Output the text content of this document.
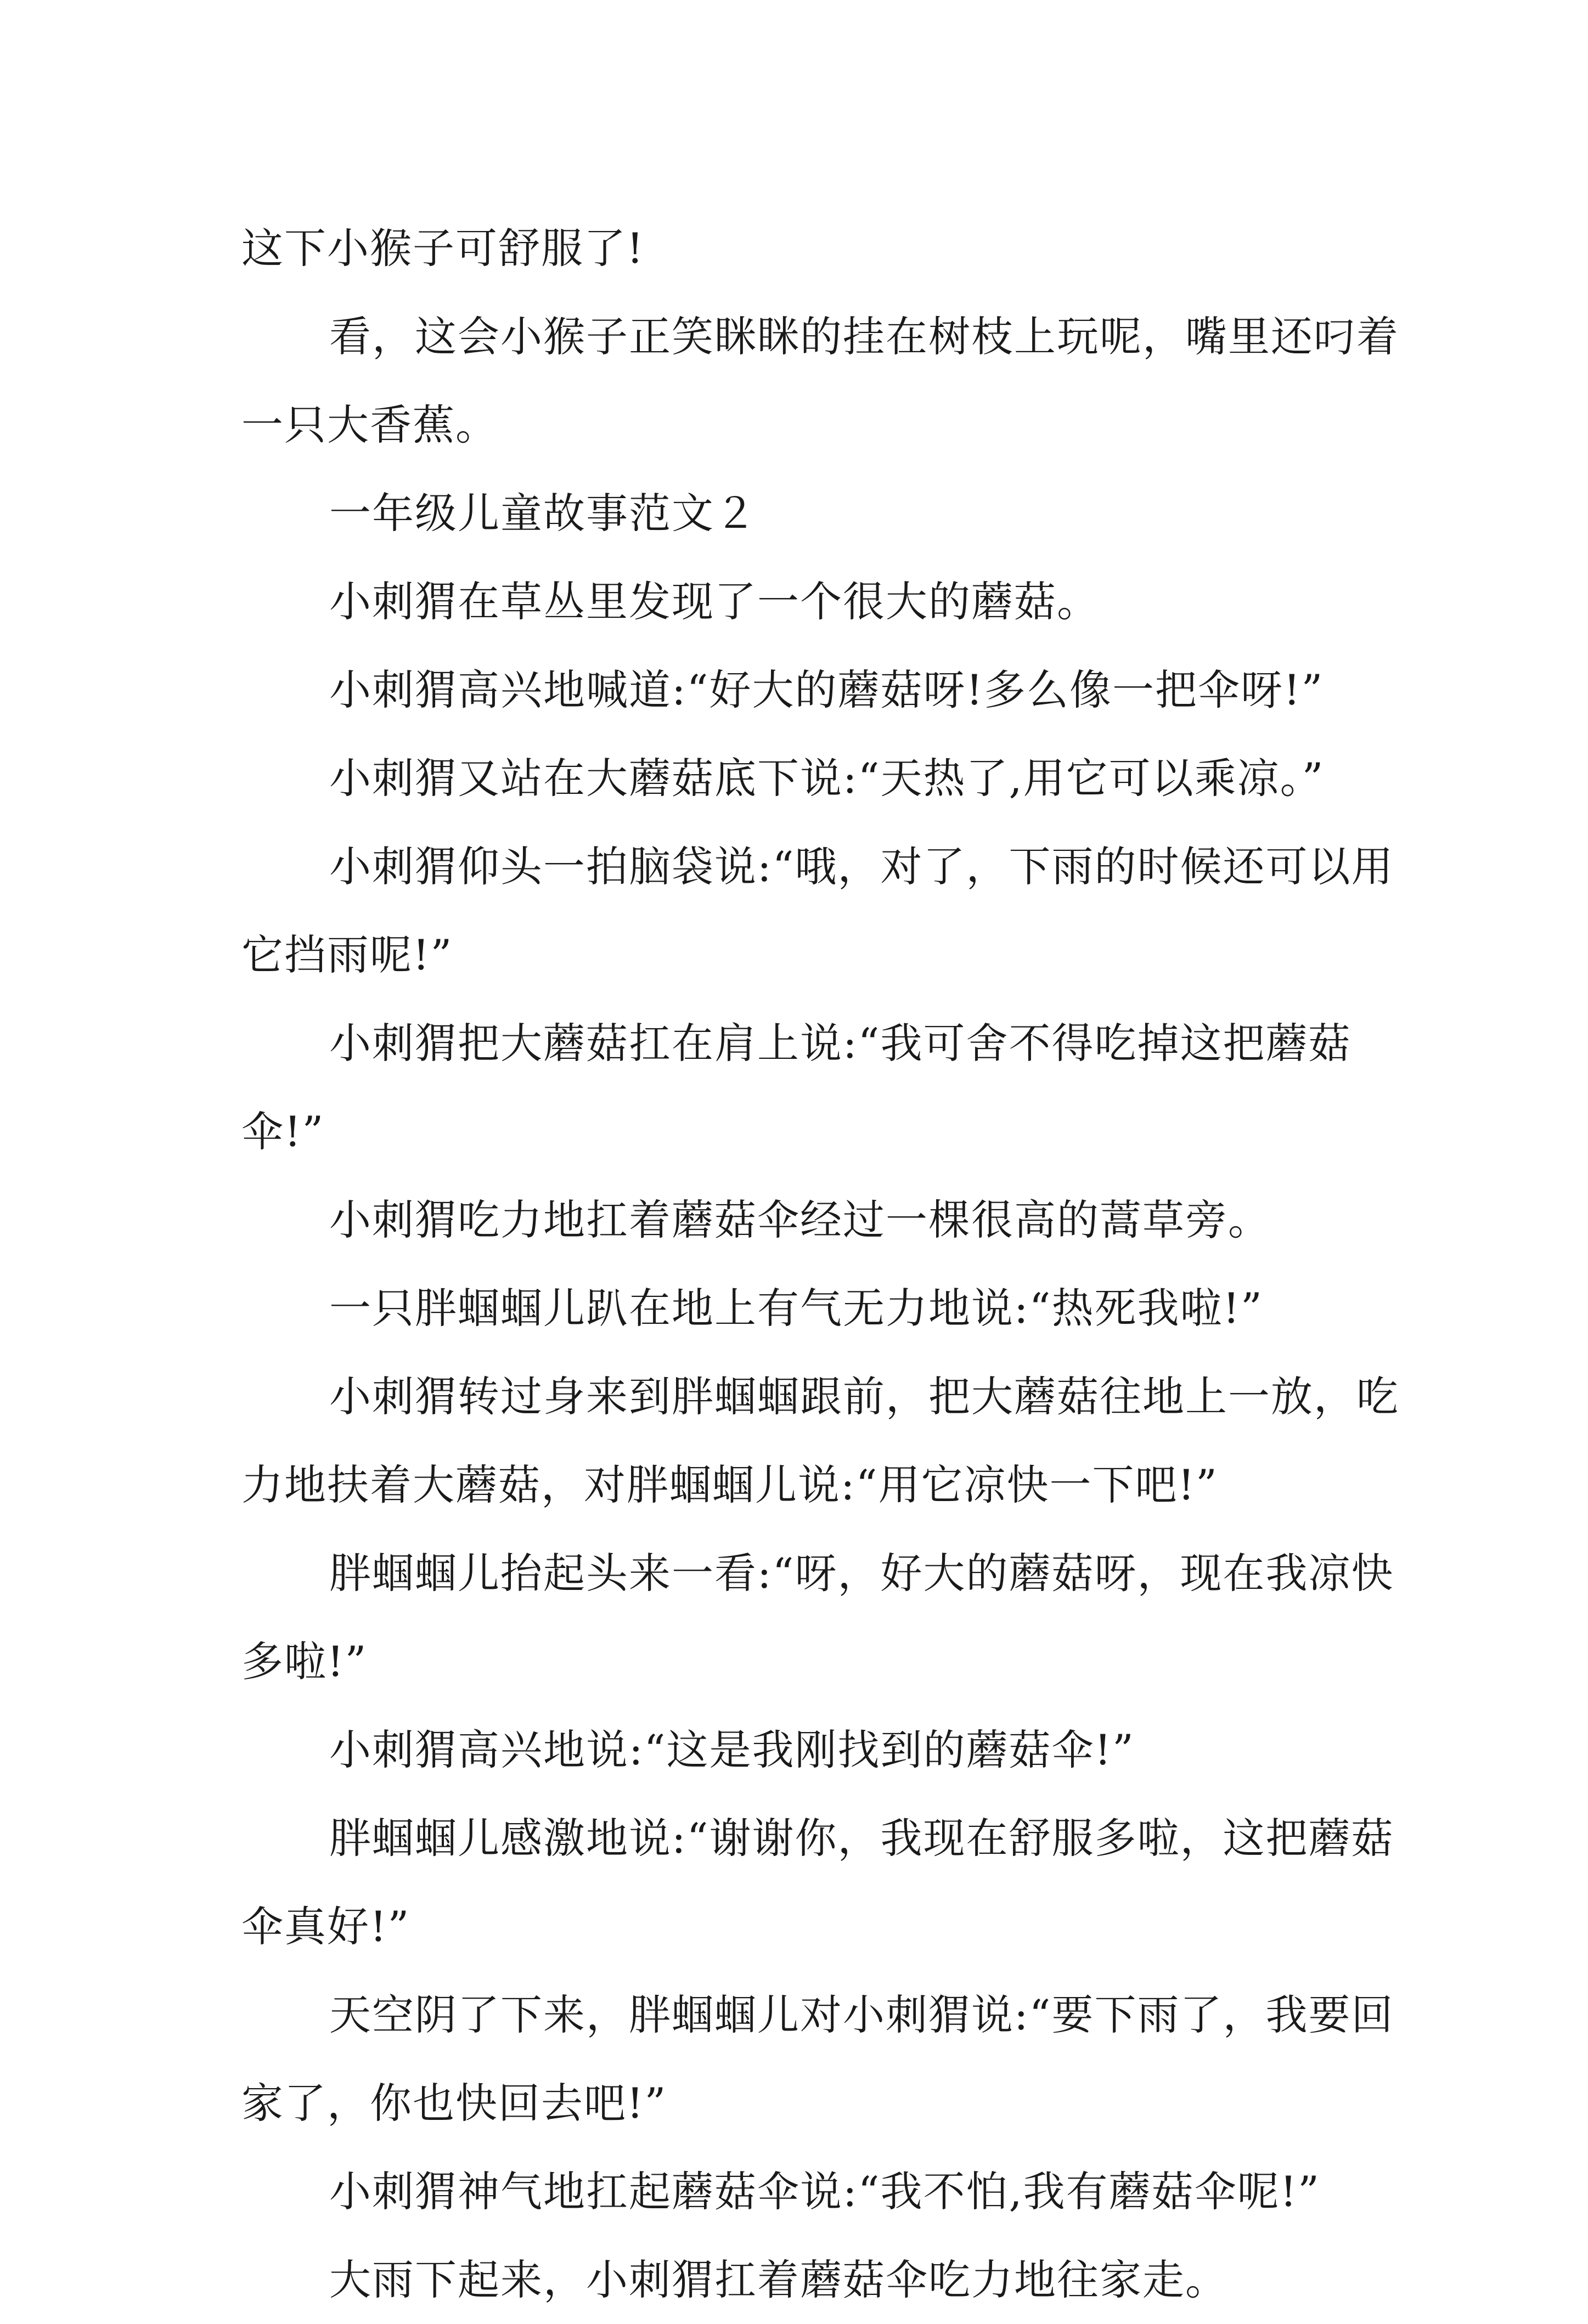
这下小猴子可舒服了!

看，这会小猴子正笑眯眯的挂在树枝上玩呢，嘴里还叼着一只大香蕉。

一年级儿童故事范文２

小刺猬在草丛里发现了一个很大的蘑菇。

小刺猬高兴地喊道:“好大的蘑菇呀!多么像一把伞呀!”

小刺猬又站在大蘑菇底下说:“天热了,用它可以乘凉。”

小刺猬仰头一拍脑袋说:“哦，对了，下雨的时候还可以用它挡雨呢!”

小刺猬把大蘑菇扛在肩上说:“我可舍不得吃掉这把蘑菇伞!”

小刺猬吃力地扛着蘑菇伞经过一棵很高的蒿草旁。

一只胖蝈蝈儿趴在地上有气无力地说:“热死我啦!”

小刺猬转过身来到胖蝈蝈跟前，把大蘑菇往地上一放，吃力地扶着大蘑菇，对胖蝈蝈儿说:“用它凉快一下吧!”

胖蝈蝈儿抬起头来一看:“呀，好大的蘑菇呀，现在我凉快多啦!”

小刺猬高兴地说:“这是我刚找到的蘑菇伞!”

胖蝈蝈儿感激地说:“谢谢你，我现在舒服多啦，这把蘑菇伞真好!”

天空阴了下来，胖蝈蝈儿对小刺猬说:“要下雨了，我要回家了，你也快回去吧!”

小刺猬神气地扛起蘑菇伞说:“我不怕,我有蘑菇伞呢!”

大雨下起来，小刺猬扛着蘑菇伞吃力地往家走。
